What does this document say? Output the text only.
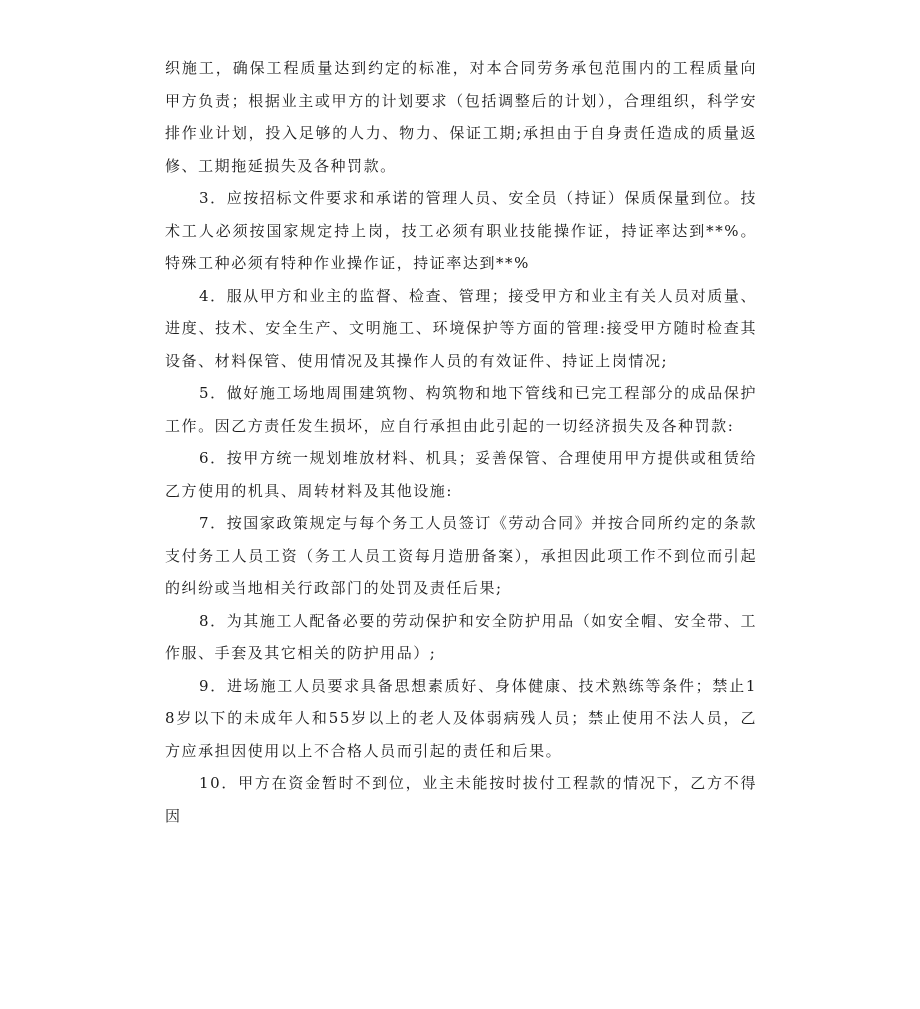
织施工，确保工程质量达到约定的标准，对本合同劳务承包范围内的工程质量向甲方负责；根据业主或甲方的计划要求（包括调整后的计划），合理组织，科学安排作业计划，投入足够的人力、物力、保证工期;承担由于自身责任造成的质量返修、工期拖延损失及各种罚款。

3．应按招标文件要求和承诺的管理人员、安全员（持证）保质保量到位。技术工人必须按国家规定持上岗，技工必须有职业技能操作证，持证率达到**%。特殊工种必须有特种作业操作证，持证率达到**%

4．服从甲方和业主的监督、检查、管理；接受甲方和业主有关人员对质量、进度、技术、安全生产、文明施工、环境保护等方面的管理:接受甲方随时检查其设备、材料保管、使用情况及其操作人员的有效证件、持证上岗情况;

5．做好施工场地周围建筑物、构筑物和地下管线和已完工程部分的成品保护工作。因乙方责任发生损坏，应自行承担由此引起的一切经济损失及各种罚款:

6．按甲方统一规划堆放材料、机具；妥善保管、合理使用甲方提供或租赁给乙方使用的机具、周转材料及其他设施:

7．按国家政策规定与每个务工人员签订《劳动合同》并按合同所约定的条款支付务工人员工资（务工人员工资每月造册备案），承担因此项工作不到位而引起的纠纷或当地相关行政部门的处罚及责任后果;

8．为其施工人配备必要的劳动保护和安全防护用品（如安全帽、安全带、工作服、手套及其它相关的防护用品）;

9．进场施工人员要求具备思想素质好、身体健康、技术熟练等条件；禁止18岁以下的未成年人和55岁以上的老人及体弱病残人员；禁止使用不法人员，乙方应承担因使用以上不合格人员而引起的责任和后果。

10．甲方在资金暂时不到位，业主未能按时拔付工程款的情况下，乙方不得因
